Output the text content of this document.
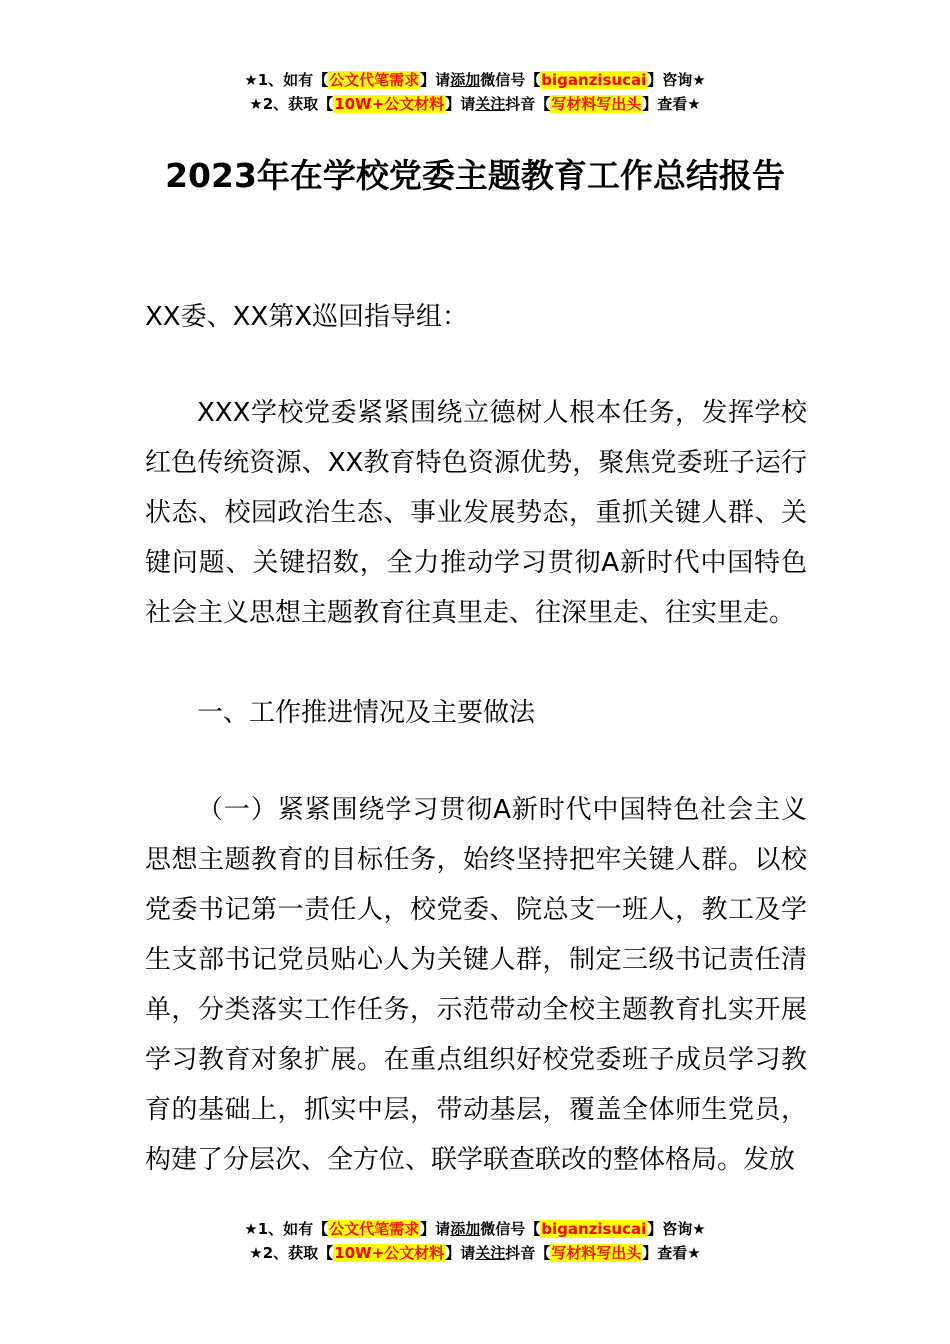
★1、如有【公文代笔需求】请添加微信号【biganzisucai】咨询★
★2、获取【10W+公文材料】请关注抖音【写材料写出头】查看★
2023年在学校党委主题教育工作总结报告
XX委、XX第X巡回指导组：
XXX学校党委紧紧围绕立德树人根本任务，发挥学校红色传统资源、XX教育特色资源优势，聚焦党委班子运行状态、校园政治生态、事业发展势态，重抓关键人群、关键问题、关键招数，全力推动学习贯彻A新时代中国特色社会主义思想主题教育往真里走、往深里走、往实里走。
一、工作推进情况及主要做法
（一）紧紧围绕学习贯彻A新时代中国特色社会主义思想主题教育的目标任务，始终坚持把牢关键人群。以校党委书记第一责任人，校党委、院总支一班人，教工及学生支部书记党员贴心人为关键人群，制定三级书记责任清单，分类落实工作任务，示范带动全校主题教育扎实开展学习教育对象扩展。在重点组织好校党委班子成员学习教育的基础上，抓实中层，带动基层，覆盖全体师生党员，构建了分层次、全方位、联学联查联改的整体格局。发放
★1、如有【公文代笔需求】请添加微信号【biganzisucai】咨询★
★2、获取【10W+公文材料】请关注抖音【写材料写出头】查看★
